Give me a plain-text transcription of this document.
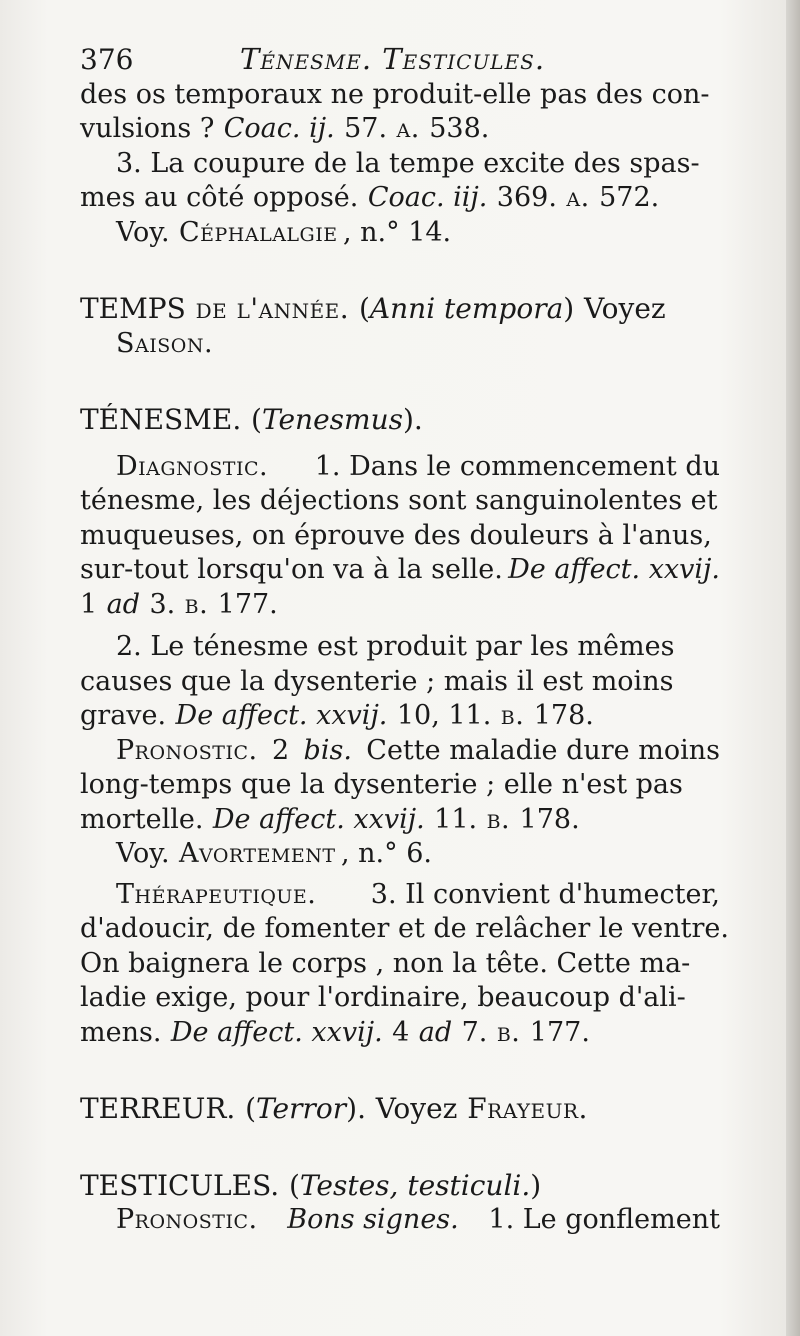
376	Ténesme. Testicules.
des os temporaux ne produit-elle pas des con-
vulsions ? Coac. ij. 57. a. 538.
3. La coupure de la tempe excite des spas-
mes au côté opposé. Coac. iij. 369. a. 572.
Voy. Céphalalgie , n.° 14.
TEMPS de l'année. ( Anni tempora ) Voyez
Saison.
TÉNESME. ( Tenesmus ).
Diagnostic. 1. Dans le commencement du
ténesme, les déjections sont sanguinolentes et
muqueuses, on éprouve des douleurs à l'anus,
sur-tout lorsqu'on va à la selle. De affect. xxvij.
1 ad 3. b. 177.
2. Le ténesme est produit par les mêmes
causes que la dysenterie ; mais il est moins
grave. De affect. xxvij. 10, 11. b. 178.
Pronostic. 2 bis. Cette maladie dure moins
long-temps que la dysenterie ; elle n'est pas
mortelle. De affect. xxvij. 11. b. 178.
Voy. Avortement , n.° 6.
Thérapeutique. 3. Il convient d'humecter,
d'adoucir, de fomenter et de relâcher le ventre.
On baignera le corps , non la tête. Cette ma-
ladie exige, pour l'ordinaire, beaucoup d'ali-
mens. De affect. xxvij. 4 ad 7. b. 177.
TERREUR. ( Terror ). Voyez Frayeur.
TESTICULES. ( Testes, testiculi. )
Pronostic. Bons signes. 1. Le gonflement
